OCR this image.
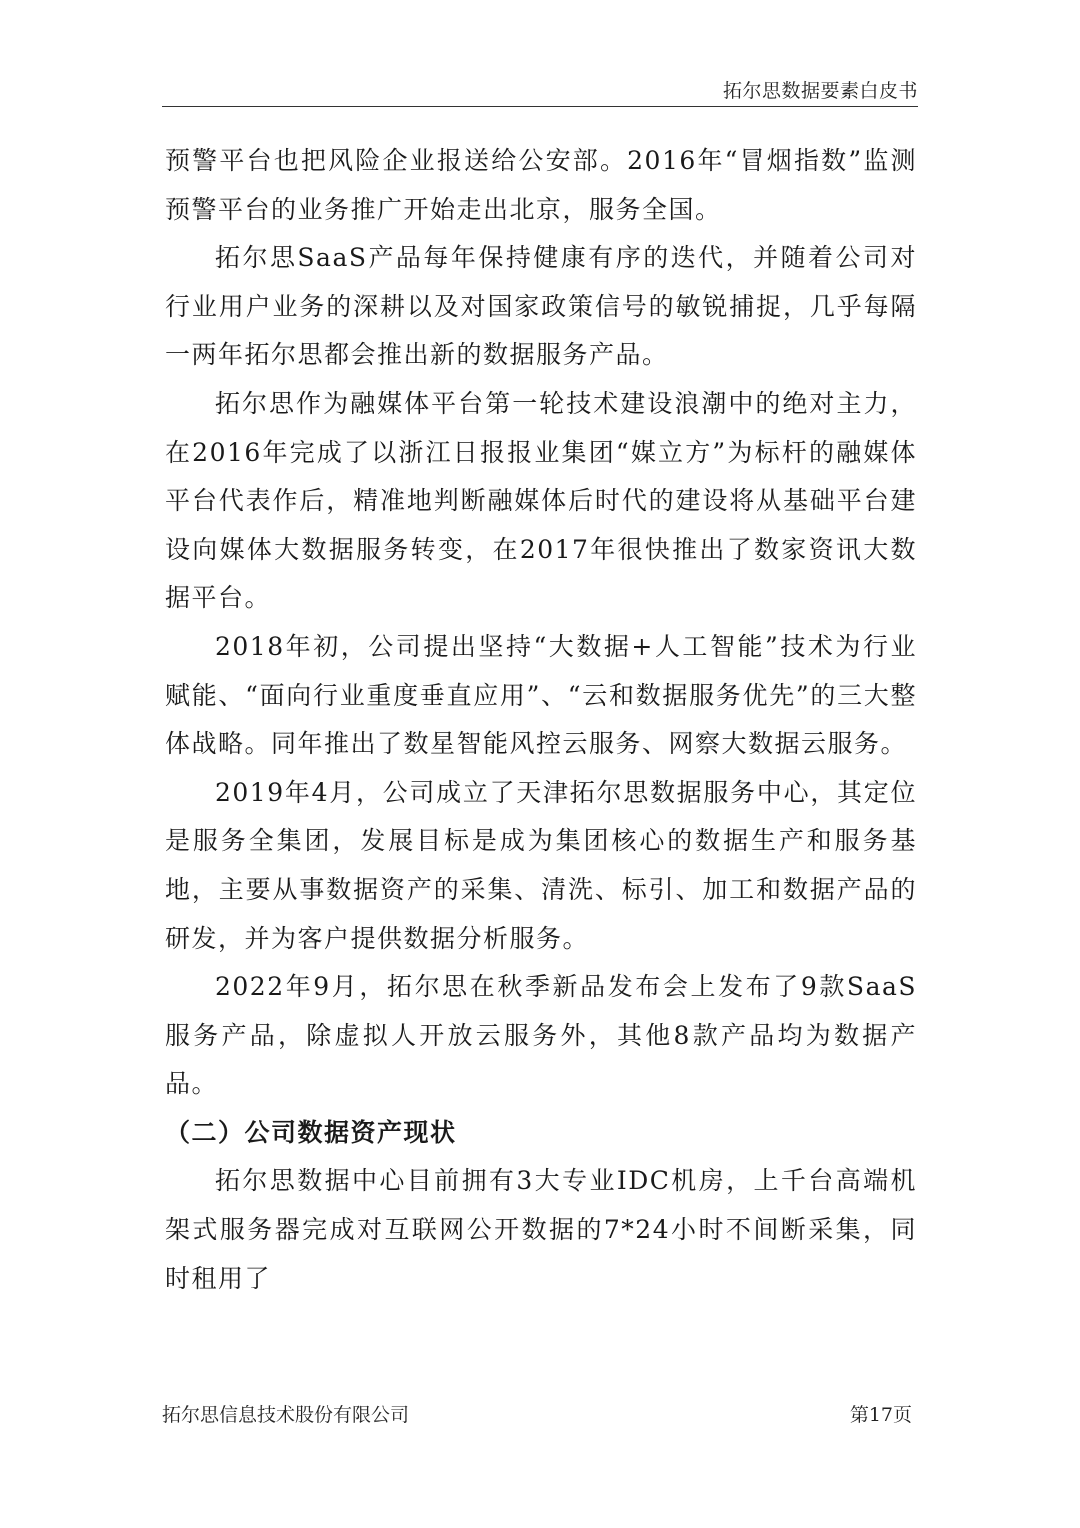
拓尔思数据要素白皮书

预警平台也把风险企业报送给公安部。2016年“冒烟指数”监测预警平台的业务推广开始走出北京，服务全国。

拓尔思SaaS产品每年保持健康有序的迭代，并随着公司对行业用户业务的深耕以及对国家政策信号的敏锐捕捉，几乎每隔一两年拓尔思都会推出新的数据服务产品。

拓尔思作为融媒体平台第一轮技术建设浪潮中的绝对主力，在2016年完成了以浙江日报报业集团“媒立方”为标杆的融媒体平台代表作后，精准地判断融媒体后时代的建设将从基础平台建设向媒体大数据服务转变，在2017年很快推出了数家资讯大数据平台。

2018年初，公司提出坚持“大数据+人工智能”技术为行业赋能、“面向行业重度垂直应用”、“云和数据服务优先”的三大整体战略。同年推出了数星智能风控云服务、网察大数据云服务。

2019年4月，公司成立了天津拓尔思数据服务中心，其定位是服务全集团，发展目标是成为集团核心的数据生产和服务基地，主要从事数据资产的采集、清洗、标引、加工和数据产品的研发，并为客户提供数据分析服务。

2022年9月，拓尔思在秋季新品发布会上发布了9款SaaS服务产品，除虚拟人开放云服务外，其他8款产品均为数据产品。

（二）公司数据资产现状

拓尔思数据中心目前拥有3大专业IDC机房，上千台高端机架式服务器完成对互联网公开数据的7*24小时不间断采集，同时租用了

拓尔思信息技术股份有限公司	第17页
